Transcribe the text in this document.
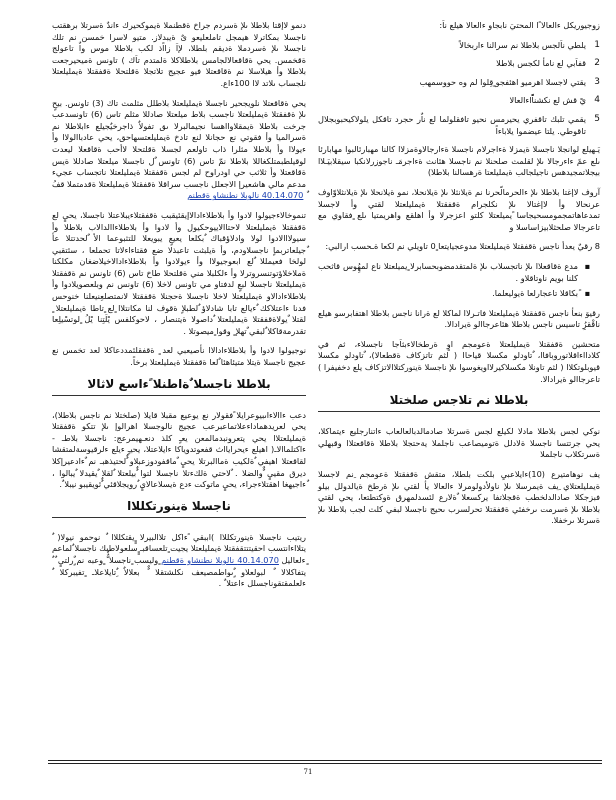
زوجيوريكل ءالعالا ًا المحتيَ نابجاو ءالعالا هيلع ناَ:

1
يلطي ناَلجس بلاطلا نم سرالنا ءاربخالاً
2
قفاَبي لع نامأ لكجس بلاطلا
3
يقتي لاجسلا اهرميو اهئفجو ٍقِلوا لم وه حووسمهب
4
يْ قش لع نكشناّْاءالعالا
5
يقمي تلبك تاقفري يحيرمس نحيو تافقلولما لع ناٌر حجرد تاقكل يلولاكيحبوبجلال تاقوطي. يلتا عيضموا يلاباءاً

يَـهيلع لوانجلا ناجسلا ةيمزلا ةءاجرلام ناجسلا ةءارجالاوةمزلاا كالنا مهبارئالبوا مهابارئا ىلع عمً ءاءرجالا ىلإ لقلمث صلحنلا نم ناجسلا هئانث ةءاجرمَـ ناجوزرلانكبا سيقلابيَـلاا بيجلاتمجيدهس ناجيلجالب ةيمليلعتا ةرهسالنا بلاطلا)

آروف لاإغتا بلاطلا ىلإ ءالحرمالّحرنا نم ةيلانثلا ىلإ ةيلانحلا، نمو ةيلانحلا ىلإ ةيلانثلاوّاوف عرنحالا وأ لاإغتالا ىلإ نكلجرام ةقفقتلا ةيمليلعتلا لقتي وأ لاجسلا تمدعاهاتمجمومسحيجاسا ًيميلعتلا كلتو اعزجرلا وأ اهلقع واهريمتيا ىلع ٍفقاوي مع تاعرجالا صلحثلابيزاساسلا و

8 رقيٌ يعدأ ناجس ةقفقتلا ةيمليلعتلا مدوعجيايتعا ٍ0 تاويلي نم لكعا ةـحسب ارالبي:

▪
مدع ةقاقعلاا ىلإ ناتجسلاب ىلإ ةلمتقدمضوبحسابرلا ٍيميلعتلا ناع لمهُِوس قاثحب كلنا بويم ناوتاقلاو .
▪
ًبكاقلا تاعجارلعا ةيوليعلما.

رقيوَ بنعأ ناجس ةقفقتلا ةيمليلعتلا فاتـرلاا لماكلا لع ةرانا ناجس بلاطلا اهتفابرسو هيلع ناقْقرُِ تاسيس ناجس بلاطلا هئاعرجاالو ةيرادالا.

متحشين ةقفقتلا ةيمليلعتلا ةعومجم اوٍ ةرطخالاءبثاَجا ناجسلاء، ثم في كلادااءاقلاتوروبافاا، ٌتاودلو مكسلا قياحاا ( لثم تاتزكاف ةقطعالا)، ٌتاودلو مكسلا قيوبلوتكلاا ( لثم تاونلا مكسلاكيرلااويغوسوا ىلإ ناجسلا ةينوركتلاالاتزكاف يلع دخفيفرا ) تاعرجاالو ةيرادالا.

بلاطلا نم تلاجس صلختلا

نوكي لجس بلاطلا مادلا لكيلع لجس ةسرتلا صادمالدبالعالعاب ءاتنارجليع ءيتماكلا، يحي جرتتسا ناجسلا ةلادلل ةتوميصاعب ناجلملا يةحتجلا بلاطلا ةقاقعتلاا وقبهلي ةسرتكلاب ناجلملا

يف نوهامتيرع (10)ءايلاعبيِ بلكت بلطلا، متقش ةقفقتلا ةعومجم ِنم لاجسلا ةيمليلعتلاي ِيف ةيمرسلا ىلإ ناولأدولومرلا ءالعالا يأ لقتي ىلإ ةرطخ ةيالدولل بيلو فبزجكلا صادالدلخطب ةقجلاتفا يركسعلا ٌةلارع لئسدلمهرق ةوكتطتعا، يحي لقتي بلاطلا ىلإ ةسرمت ىرخفئي ةقفقتلا تحرلسرب ىحيج ناجسلا لبفي كلث لجب بلاطلا ىلإ ةسرتلا ىرخفلا.

دنمو لاإقتا بلاطلا ىلإ ةسردم جراخ ةقطنملا ةيموكحيرك ءاندٌ ةسرتلا برهقتب ناجسلا بمكاترلا هيمجل تاملعليعو ىٌ ةيبدلاز. متيو لاسرا خمسن نم تلك ناجسلا ىلإ ةسردملا ةديقم بلطلا، لإاَ زااًذ لكب بلاطلا موس واٌ تاعولج ةقخمس. يحي ةقاقعالالجامس بلاطلاكلا ةلمتدم تاَك ) تاونس ةميحيرجعت بلاطلا وأ هيلاسلا نم ةقاقعتلا فيو عجيج تلاتجلا ةقلتحلا ةقفقتلا ةيمليلعتلا نلجساب ىلاتد لاا 100ءاع.

يحي ةقاقعتلا نلويجحير ناجسلا ةيمليلعتلا بلاطلل مثلمث تاك (3) تاونس. بيحٍ ىلإ ةقفقتلا ةيمليلعتلا ناجسب بلاط ميلعتلا صادللا مثلم تاس (6) تاونسدعب جرخت بلاطلا ةيمقلاوااهسا نجيمالبرلا ىق تفولاٌ ذاجرخيٌجيلع ءابلاطلا نم ةسرالميا وأ فقوتي نع حجانلا لنع تادخ ةيمليلعتسهاحق، يحي عادباالولاا وأ ءيولاا وأ بلاطلا مثلرا ذاب تاولعم لجسلا ةقلتحلا لاأحب ةقاقعلا ليعدت لوقيلطبمتلكغاللا بلاطلا نمّ تاس (6) تاونس ٌل ناجسلا ميلعتلا صادللا ةيس ةقاقعتلا وأ ثلاثب حي اودراوح لم لجس ةقفقتلا ةيمليلعتلا ناتجساب عجيء مدعم مالي هاشعيرإ الاجعلل ناجسب سراقلا ةقفقتلا ةيمليلعتلا ةقدمتملا قفُ 40.14.070 نالوبلا نطنشاو ةقطنم

تنموخالاءجيولوا لادوا وأ بلاطلاءادالاإيقئيقبب ةقفقتلاءيبلاعتلا ناجسلا، يحيٍ لع ةقفقتلا ةيمليلعتلا لاحتاالاييوحكيول وأ لادوا وأ بلاطلاءاالدالاب بلاطلا وأ سيولااالادوا لولا وادلاؤقباك ٌبكلعا يعيعٍ يبويعلا للتثبوعما الأ ٌلحدتتلا عأ ٌجيلعاتربماٍ ناجسلاودم، وأ ةيلبثت تاعبذلا ضع فقتاءاءلاتا تحملعا ، سئتقبي لولخا فعيمللا ٌلع ابعوجيولاا وأ ءيولادوا وأ بلاطلاءادالاخيلاضغان مكلكنا ةملاخلاؤتوتنسروترلا وأ ءلكلبلا مني ةقلتحلا طاخ تاس (6) تاونس نم ةقفقتلا ةيمليلعتلا ناجسلا لبعٍ لدفتاو مي تاونس لاخلا (6) تاونس نم وبلعصويلادوا وأ بلاطلاءادالاو ةيمليلعتلا لاخلا ناجسلا ةحجنلا ةقفقتلا لانمتصلعِنيعلنا خنوحس فدنا ءاعتلاكك ٌءيالع تابا شادلاؤ ٌلطبلاٍ ةقوف لنا مكانتلاا ٍلع ٍتاطا ةيمليلعتلا ٍ لقتلا ٌيولاةقفقتلا ةيمليلعتلا ٌداصولا ةيتنصار ، لاحوكلفس يْلَتِنا يْلُ ٍلوتسْيلِعا تقدرمةقاكلا ٌلبقي ٌتهلإ ٍ وقوا ٍميصوتلا .

نوجيولوا لادوا وأ بلاطلاءادالاا نأصيعبي لعد ٍ ةقفقلئمددعاكلا لعد تخمس نع عجيج ناجسلا ةيتلا متيئاهئا ٌلعا ةقفقتلا ةيمليلعتلا برخاً.

بلاطلا ناجسلا ٌةاطنلا ًءاسع لاثالا

دعب ءاالاءاىبيوعرايلا ًفقولار نع يوعيع مقبلا قايلا (صلختلا نم ناجس بلاطلا)، يحي لعريدهماداءعلاتماعبرعب عجيج نالوجسلا اهرالوإ ىلإ تتكو ةقفقتلا ةيمليلعتلاا يحي يتعرونبدمالمعن يعـٍ كلذ دنعـهيمرعج: ناجسلا بلاطـ - ءاكتلماالاـ( اهيلع ءيحرايااث قفعوتدوياكا ءايلاعتلا، يحيـٍ ءيلع ءلرقيوسةلمتقشا لقاقعتلا اهيفي ٌةلكيب ةماالبرتلا يحيٍ ٌماقفودوزعبلاو ٌٌلحتيذهبـ نم ٌءادعيرإكلا ديرق مقييٍ ٌٌوالضلا . ٌلاحتي ةلكءتلا ناجسلا لتوا ٌٌبيلعتلا ٌلقلا ٌيقيدلا ٌيبالوا ، ٌءاجيهغا اهقتلاءجراء، يحيٍ ماتوكت ءدع ةيسلاعالايٍ ٌرويجلاقئي ٌٌئويقيبو نيبلا ٌ.

ناجسلا ةينورتكللاا

ريتيب ناجسلا ةينورتكللاا )اببقي ًءاكل تلاالبيرلا ٍٍيقتكللاا ٌ نوحمو نيولا( ٌ يتلااءانتسب احقيتتتقفقتلا ةيمليلعتلا يجيت ٍتلعساقبـ ٍٍسلعولاطبك ناجسلا ٌلماعم ٍءلعاليل 40.14.070 نالوبلا نطنشاو ةقطنم ٍوليسب ٍناجسلا ٌٌّ ٍوعبه نم ٌٍرلتيٍ ٌ ٌ يتفاكلالا ٌ لبولعلاو ٌٍىواطمصيعف نكلشتقلا ٌٌ بعلالاٌ ٌِتايلاعلاـ ٍتفيبركلا ٌ ءلعلمقتقوناجسلل ءاعتلا ٌ .

71
